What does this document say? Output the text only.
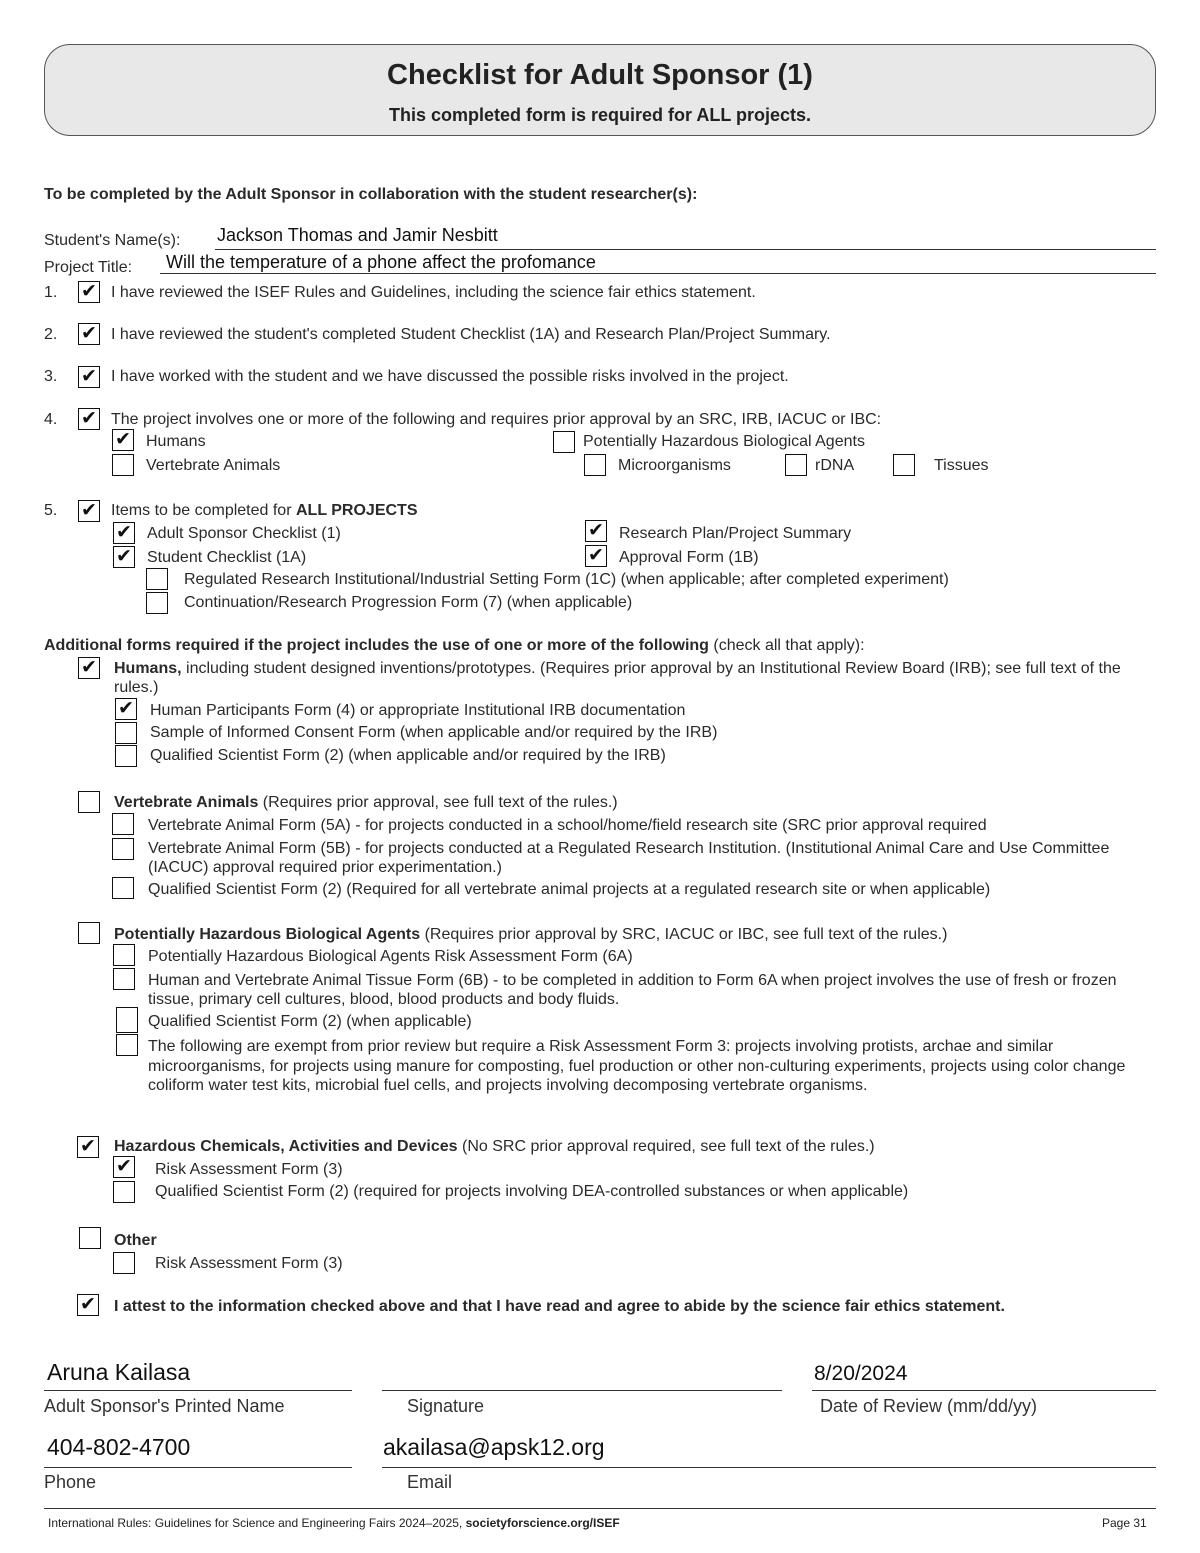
Checklist for Adult Sponsor (1)
This completed form is required for ALL projects.
To be completed by the Adult Sponsor in collaboration with the student researcher(s):
Student's Name(s): Jackson Thomas and Jamir Nesbitt
Project Title: Will the temperature of a phone affect the profomance
1. ✔ I have reviewed the ISEF Rules and Guidelines, including the science fair ethics statement.
2. ✔ I have reviewed the student's completed Student Checklist (1A) and Research Plan/Project Summary.
3. ✔ I have worked with the student and we have discussed the possible risks involved in the project.
4. ✔ The project involves one or more of the following and requires prior approval by an SRC, IRB, IACUC or IBC:
✔ Humans
Vertebrate Animals
Potentially Hazardous Biological Agents
Microorganisms	rDNA	Tissues
5. ✔ Items to be completed for ALL PROJECTS
✔ Adult Sponsor Checklist (1)
✔ Student Checklist (1A)
✔ Research Plan/Project Summary
✔ Approval Form (1B)
Regulated Research Institutional/Industrial Setting Form (1C) (when applicable; after completed experiment)
Continuation/Research Progression Form (7) (when applicable)
Additional forms required if the project includes the use of one or more of the following (check all that apply):
✔ Humans, including student designed inventions/prototypes. (Requires prior approval by an Institutional Review Board (IRB); see full text of the rules.)
✔ Human Participants Form (4) or appropriate Institutional IRB documentation
Sample of Informed Consent Form (when applicable and/or required by the IRB)
Qualified Scientist Form (2) (when applicable and/or required by the IRB)
Vertebrate Animals (Requires prior approval, see full text of the rules.)
Vertebrate Animal Form (5A) - for projects conducted in a school/home/field research site (SRC prior approval required
Vertebrate Animal Form (5B) - for projects conducted at a Regulated Research Institution. (Institutional Animal Care and Use Committee (IACUC) approval required prior experimentation.)
Qualified Scientist Form (2) (Required for all vertebrate animal projects at a regulated research site or when applicable)
Potentially Hazardous Biological Agents (Requires prior approval by SRC, IACUC or IBC, see full text of the rules.)
Potentially Hazardous Biological Agents Risk Assessment Form (6A)
Human and Vertebrate Animal Tissue Form (6B) - to be completed in addition to Form 6A when project involves the use of fresh or frozen tissue, primary cell cultures, blood, blood products and body fluids.
Qualified Scientist Form (2) (when applicable)
The following are exempt from prior review but require a Risk Assessment Form 3: projects involving protists, archae and similar microorganisms, for projects using manure for composting, fuel production or other non-culturing experiments, projects using color change coliform water test kits, microbial fuel cells, and projects involving decomposing vertebrate organisms.
✔ Hazardous Chemicals, Activities and Devices (No SRC prior approval required, see full text of the rules.)
✔ Risk Assessment Form (3)
Qualified Scientist Form (2) (required for projects involving DEA-controlled substances or when applicable)
Other
Risk Assessment Form (3)
✔ I attest to the information checked above and that I have read and agree to abide by the science fair ethics statement.
Aruna Kailasa
Adult Sponsor's Printed Name	Signature
8/20/2024
Date of Review (mm/dd/yy)
404-802-4700
Phone
akailasa@apsk12.org
Email
International Rules: Guidelines for Science and Engineering Fairs 2024–2025, societyforscience.org/ISEF	Page 31
